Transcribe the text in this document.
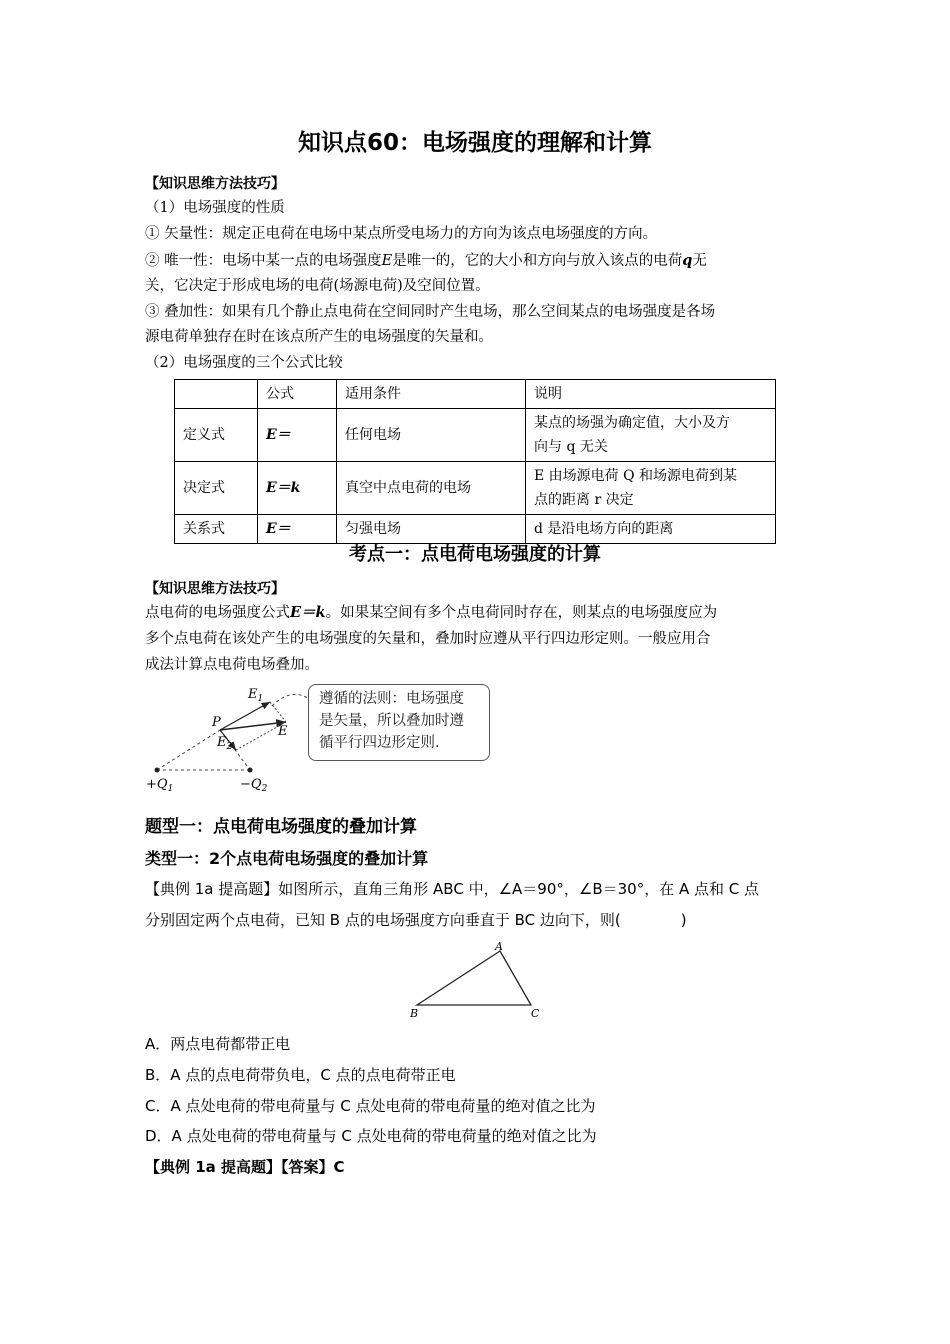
知识点60：电场强度的理解和计算
【知识思维方法技巧】
（1）电场强度的性质
① 矢量性：规定正电荷在电场中某点所受电场力的方向为该点电场强度的方向。
② 唯一性：电场中某一点的电场强度E是唯一的，它的大小和方向与放入该点的电荷q无
关，它决定于形成电场的电荷(场源电荷)及空间位置。
③ 叠加性：如果有几个静止点电荷在空间同时产生电场，那么空间某点的电场强度是各场
源电荷单独存在时在该点所产生的电场强度的矢量和。
（2）电场强度的三个公式比较
	公式	适用条件	说明
定义式	E＝	任何电场	某点的场强为确定值，大小及方
向与 q 无关

决定式	E＝k	真空中点电荷的电场	E 由场源电荷 Q 和场源电荷到某
点的距离 r 决定

关系式	E＝	匀强电场	d 是沿电场方向的距离
考点一：点电荷电场强度的计算
【知识思维方法技巧】
点电荷的电场强度公式E＝k。如果某空间有多个点电荷同时存在，则某点的电场强度应为
多个点电荷在该处产生的电场强度的矢量和，叠加时应遵从平行四边形定则。一般应用合
成法计算点电荷电场叠加。
$E_1$
P
$E_2$
E
$+Q_1$	$-Q_2$
遵循的法则：电场强度
是矢量，所以叠加时遵
循平行四边形定则.
题型一：点电荷电场强度的叠加计算
类型一：2个点电荷电场强度的叠加计算
【典例 1a 提高题】如图所示，直角三角形 ABC 中，∠A＝90°，∠B＝30°，在 A 点和 C 点
分别固定两个点电荷，已知 B 点的电场强度方向垂直于 BC 边向下，则(　　　　)
A
B	C
A．两点电荷都带正电
B．A 点的点电荷带负电，C 点的点电荷带正电
C．A 点处电荷的带电荷量与 C 点处电荷的带电荷量的绝对值之比为
D．A 点处电荷的带电荷量与 C 点处电荷的带电荷量的绝对值之比为
【典例 1a 提高题】【答案】C
